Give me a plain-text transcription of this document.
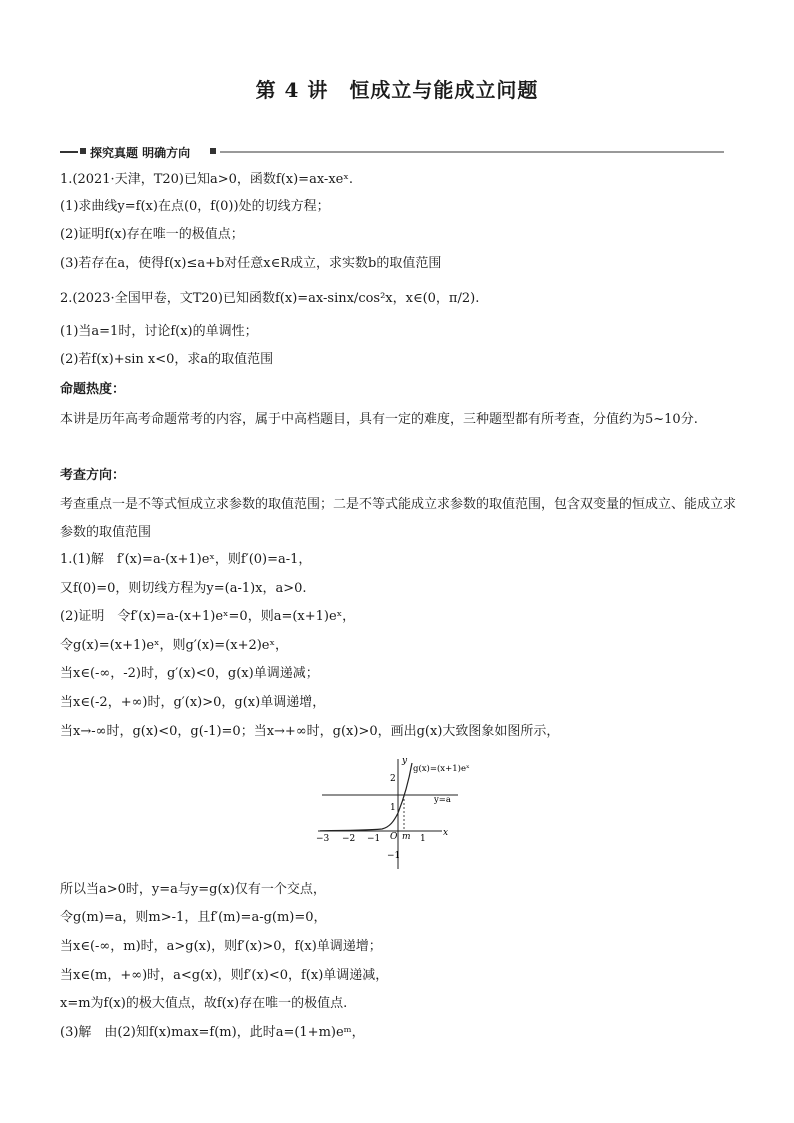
第 4 讲　恒成立与能成立问题
探究真题 明确方向
1.(2021·天津，T20)已知a>0，函数f(x)=ax-xeˣ.
(1)求曲线y=f(x)在点(0，f(0))处的切线方程；
(2)证明f(x)存在唯一的极值点；
(3)若存在a，使得f(x)≤a+b对任意x∈R成立，求实数b的取值范围
2.(2023·全国甲卷，文T20)已知函数f(x)=ax-sinx/cos²x，x∈(0，π/2).
(1)当a=1时，讨论f(x)的单调性；
(2)若f(x)+sin x<0，求a的取值范围
命题热度：
本讲是历年高考命题常考的内容，属于中高档题目，具有一定的难度，三种题型都有所考查，分值约为5~10分.
考查方向：
考查重点一是不等式恒成立求参数的取值范围；二是不等式能成立求参数的取值范围，包含双变量的恒成立、能成立求参数的取值范围
1.(1)解　f′(x)=a-(x+1)eˣ，则f′(0)=a-1，
又f(0)=0，则切线方程为y=(a-1)x，a>0.
(2)证明　令f′(x)=a-(x+1)eˣ=0，则a=(x+1)eˣ，
令g(x)=(x+1)eˣ，则g′(x)=(x+2)eˣ，
当x∈(-∞，-2)时，g′(x)<0，g(x)单调递减；
当x∈(-2，+∞)时，g′(x)>0，g(x)单调递增，
当x→-∞时，g(x)<0，g(-1)=0；当x→+∞时，g(x)>0，画出g(x)大致图象如图所示，
y
x
g(x)=(x+1)eˣ
y=a
O m
−3 −2 −1	1
2
1
−1
所以当a>0时，y=a与y=g(x)仅有一个交点，
令g(m)=a，则m>-1，且f′(m)=a-g(m)=0，
当x∈(-∞，m)时，a>g(x)，则f′(x)>0，f(x)单调递增；
当x∈(m，+∞)时，a<g(x)，则f′(x)<0，f(x)单调递减，
x=m为f(x)的极大值点，故f(x)存在唯一的极值点.
(3)解　由(2)知f(x)max=f(m)，此时a=(1+m)eᵐ，
